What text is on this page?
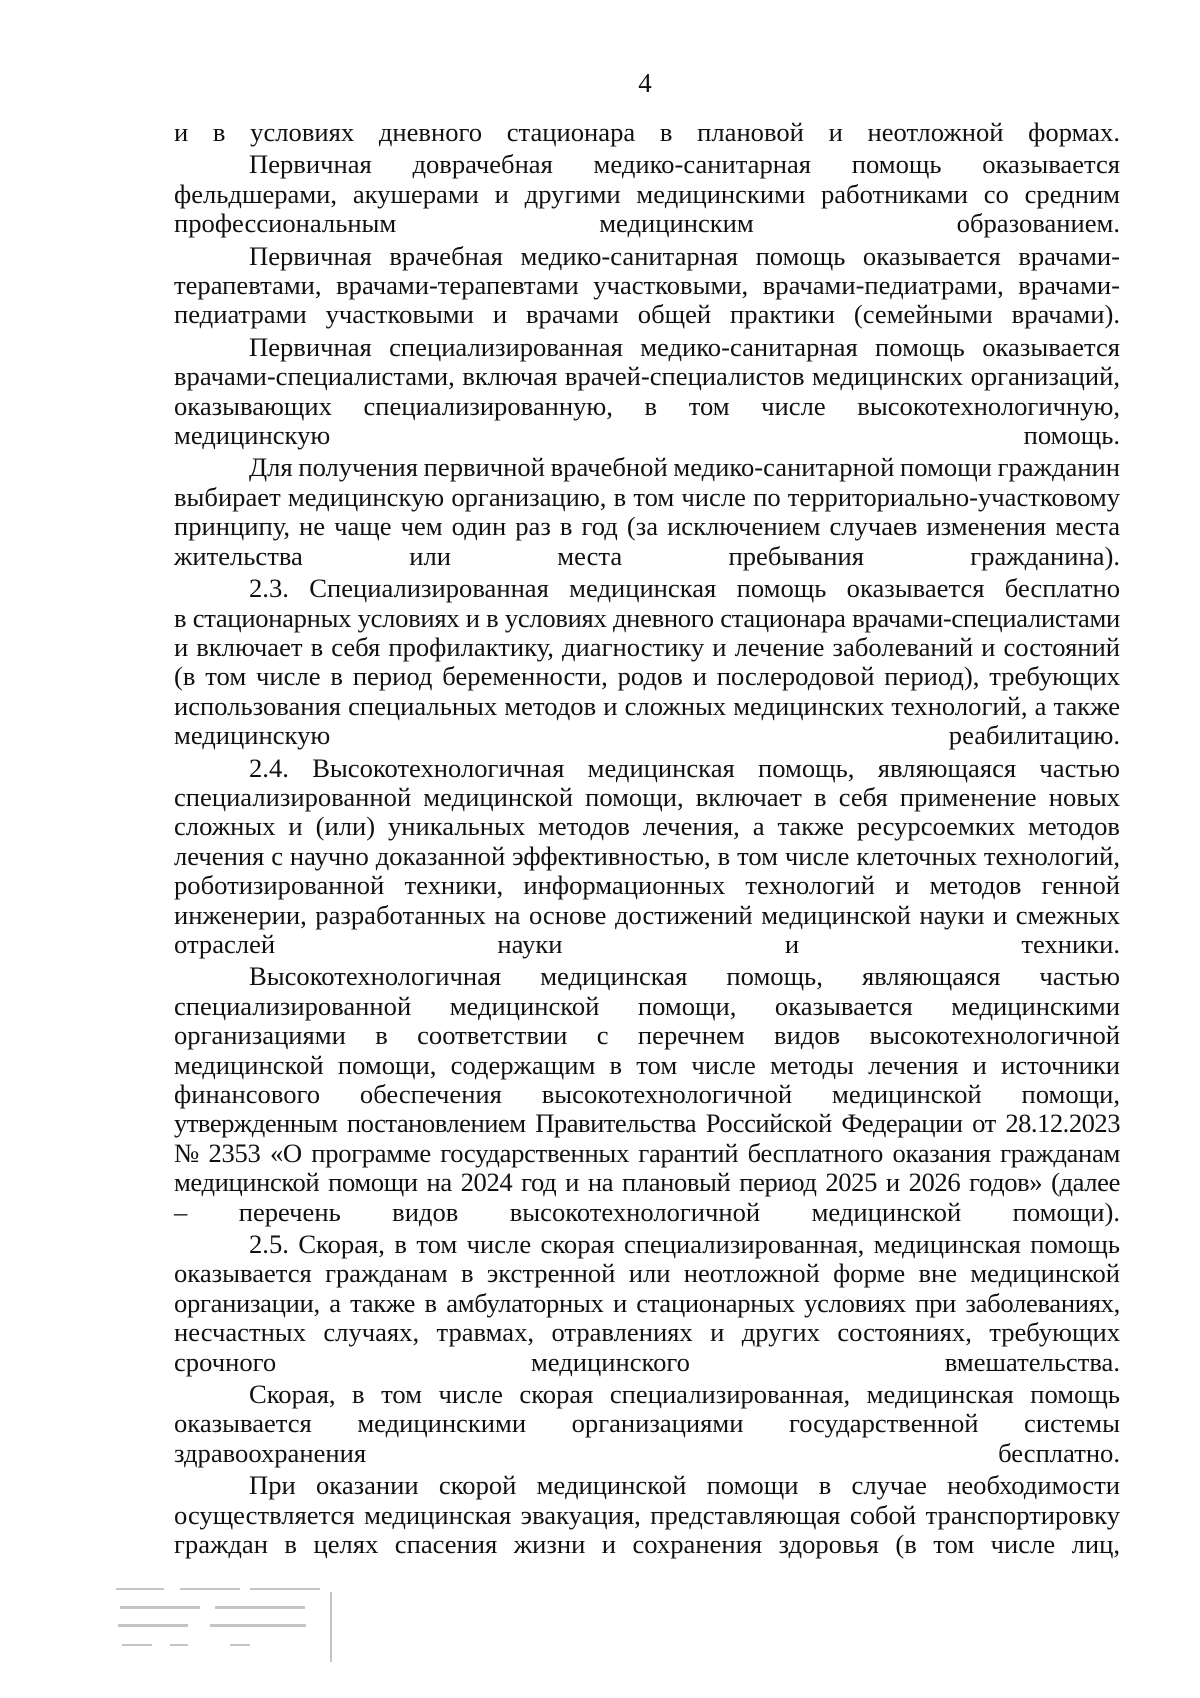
4

и в условиях дневного стационара в плановой и неотложной формах.

Первичная доврачебная медико-санитарная помощь оказывается
фельдшерами, акушерами и другими медицинскими работниками со средним
профессиональным медицинским образованием.

Первичная врачебная медико-санитарная помощь оказывается врачами-
терапевтами, врачами-терапевтами участковыми, врачами-педиатрами, врачами-
педиатрами участковыми и врачами общей практики (семейными врачами).

Первичная специализированная медико-санитарная помощь оказывается
врачами-специалистами, включая врачей-специалистов медицинских организаций,
оказывающих специализированную, в том числе высокотехнологичную,
медицинскую помощь.

Для получения первичной врачебной медико-санитарной помощи гражданин
выбирает медицинскую организацию, в том числе по территориально-участковому
принципу, не чаще чем один раз в год (за исключением случаев изменения места
жительства или места пребывания гражданина).

2.3. Специализированная медицинская помощь оказывается бесплатно
в стационарных условиях и в условиях дневного стационара врачами-специалистами
и включает в себя профилактику, диагностику и лечение заболеваний и состояний
(в том числе в период беременности, родов и послеродовой период), требующих
использования специальных методов и сложных медицинских технологий, а также
медицинскую реабилитацию.

2.4. Высокотехнологичная медицинская помощь, являющаяся частью
специализированной медицинской помощи, включает в себя применение новых
сложных и (или) уникальных методов лечения, а также ресурсоемких методов
лечения с научно доказанной эффективностью, в том числе клеточных технологий,
роботизированной техники, информационных технологий и методов генной
инженерии, разработанных на основе достижений медицинской науки и смежных
отраслей науки и техники.

Высокотехнологичная медицинская помощь, являющаяся частью
специализированной медицинской помощи, оказывается медицинскими
организациями в соответствии с перечнем видов высокотехнологичной
медицинской помощи, содержащим в том числе методы лечения и источники
финансового обеспечения высокотехнологичной медицинской помощи,
утвержденным постановлением Правительства Российской Федерации от 28.12.2023
№ 2353 «О программе государственных гарантий бесплатного оказания гражданам
медицинской помощи на 2024 год и на плановый период 2025 и 2026 годов» (далее
– перечень видов высокотехнологичной медицинской помощи).

2.5. Скорая, в том числе скорая специализированная, медицинская помощь
оказывается гражданам в экстренной или неотложной форме вне медицинской
организации, а также в амбулаторных и стационарных условиях при заболеваниях,
несчастных случаях, травмах, отравлениях и других состояниях, требующих
срочного медицинского вмешательства.

Скорая, в том числе скорая специализированная, медицинская помощь
оказывается медицинскими организациями государственной системы
здравоохранения бесплатно.

При оказании скорой медицинской помощи в случае необходимости
осуществляется медицинская эвакуация, представляющая собой транспортировку
граждан в целях спасения жизни и сохранения здоровья (в том числе лиц,
